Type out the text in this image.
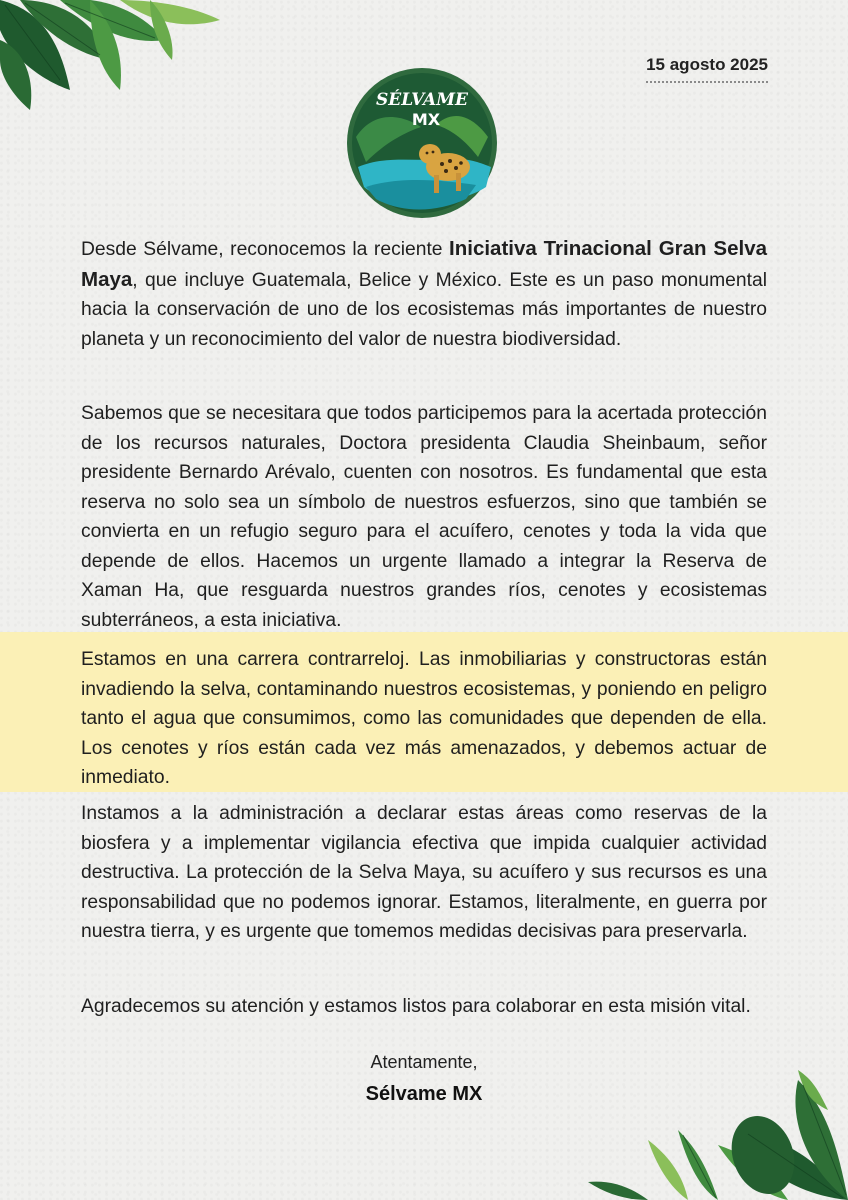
15 agosto 2025
SÉLVAME
MX

Desde Sélvame, reconocemos la reciente Iniciativa Trinacional Gran Selva Maya, que incluye Guatemala, Belice y México. Este es un paso monumental hacia la conservación de uno de los ecosistemas más importantes de nuestro planeta y un reconocimiento del valor de nuestra biodiversidad.

Sabemos que se necesitara que todos participemos para la acertada protección de los recursos naturales, Doctora presidenta Claudia Sheinbaum, señor presidente Bernardo Arévalo, cuenten con nosotros. Es fundamental que esta reserva no solo sea un símbolo de nuestros esfuerzos, sino que también se convierta en un refugio seguro para el acuífero, cenotes y toda la vida que depende de ellos. Hacemos un urgente llamado a integrar la Reserva de Xaman Ha, que resguarda nuestros grandes ríos, cenotes y ecosistemas subterráneos, a esta iniciativa.

Estamos en una carrera contrarreloj. Las inmobiliarias y constructoras están invadiendo la selva, contaminando nuestros ecosistemas, y poniendo en peligro tanto el agua que consumimos, como las comunidades que dependen de ella. Los cenotes y ríos están cada vez más amenazados, y debemos actuar de inmediato.

Instamos a la administración a declarar estas áreas como reservas de la biosfera y a implementar vigilancia efectiva que impida cualquier actividad destructiva. La protección de la Selva Maya, su acuífero y sus recursos es una responsabilidad que no podemos ignorar. Estamos, literalmente, en guerra por nuestra tierra, y es urgente que tomemos medidas decisivas para preservarla.

Agradecemos su atención y estamos listos para colaborar en esta misión vital.

Atentamente,
Sélvame MX
